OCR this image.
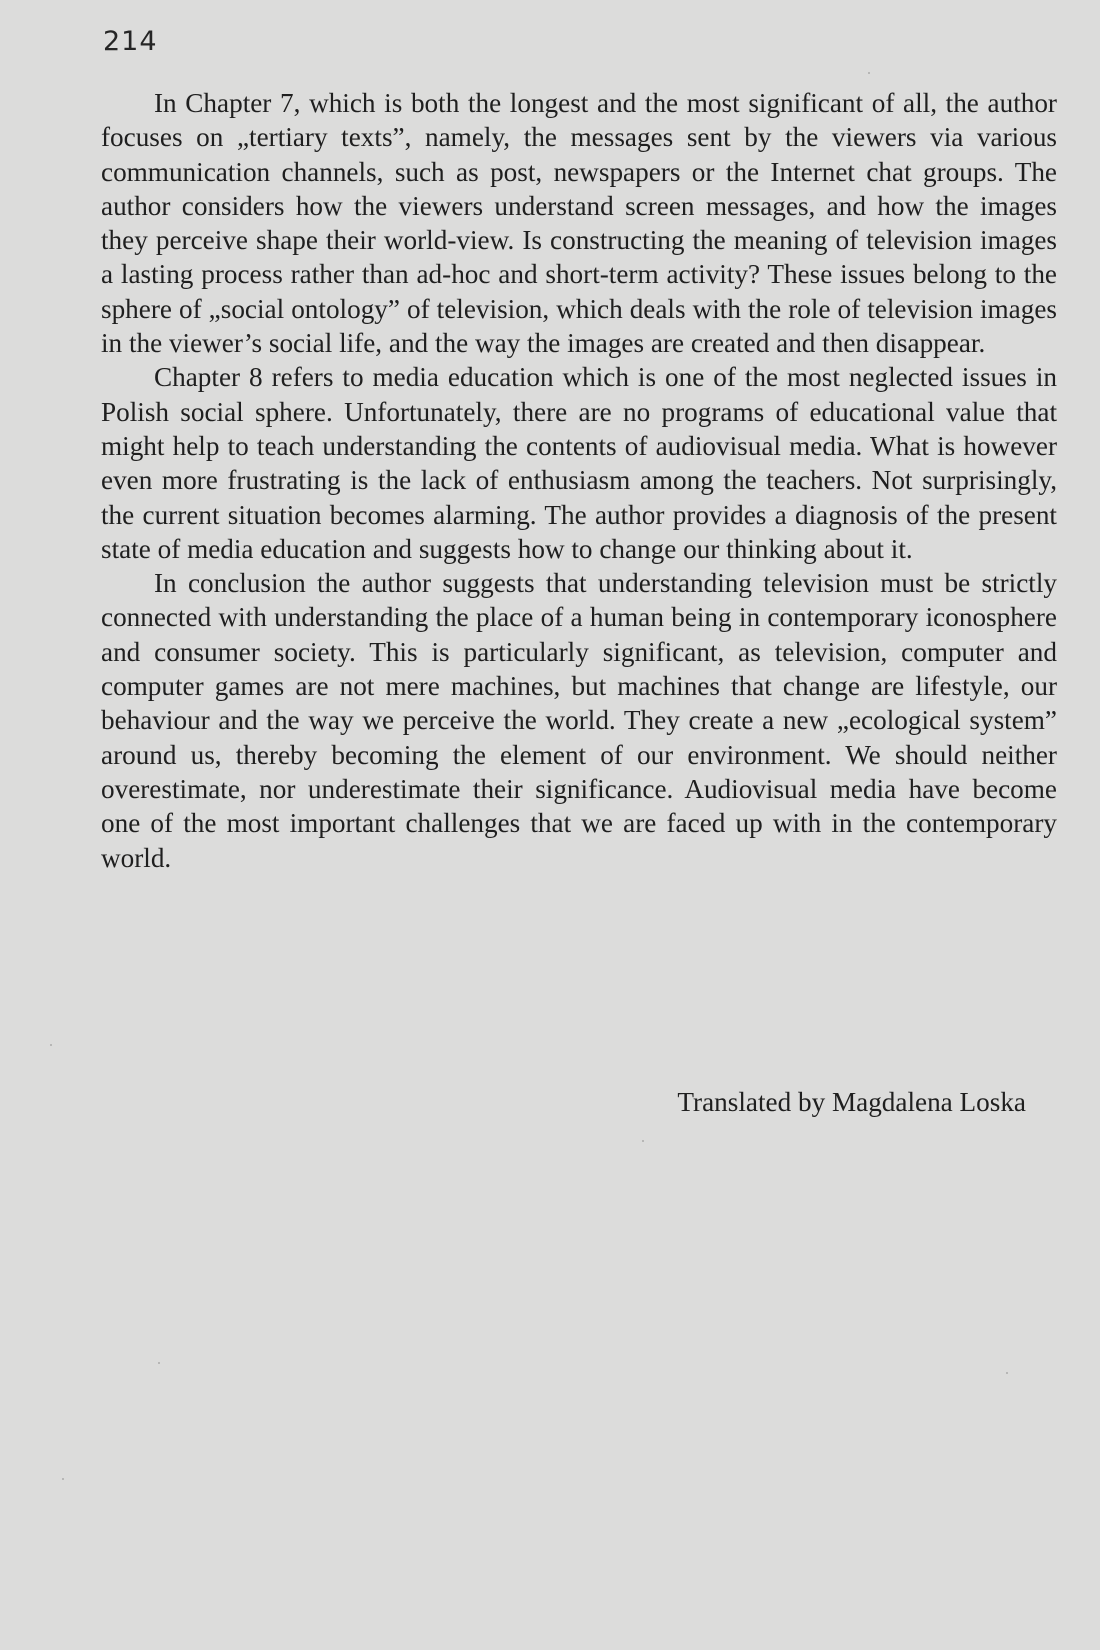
214

In Chapter 7, which is both the longest and the most significant of all, the author focuses on „tertiary texts”, namely, the messages sent by the viewers via various communication channels, such as post, newspapers or the Internet chat groups. The author considers how the viewers understand screen messages, and how the images they perceive shape their world-view. Is constructing the meaning of television images a lasting process rather than ad-hoc and short-term activity? These issues belong to the sphere of „social ontology” of television, which deals with the role of television images in the viewer’s social life, and the way the images are created and then disappear.

Chapter 8 refers to media education which is one of the most neglected issues in Polish social sphere. Unfortunately, there are no programs of educational value that might help to teach understanding the contents of audiovisual media. What is however even more frustrating is the lack of enthusiasm among the teachers. Not surprisingly, the current situation becomes alarming. The author provides a diagnosis of the present state of media education and suggests how to change our thinking about it.

In conclusion the author suggests that understanding television must be strictly connected with understanding the place of a human being in contemporary iconosphere and consumer society. This is particularly significant, as television, computer and computer games are not mere machines, but machines that change are lifestyle, our behaviour and the way we perceive the world. They create a new „ecological system” around us, thereby becoming the element of our environment. We should neither overestimate, nor underestimate their significance. Audiovisual media have become one of the most important challenges that we are faced up with in the contemporary world.

Translated by Magdalena Loska
